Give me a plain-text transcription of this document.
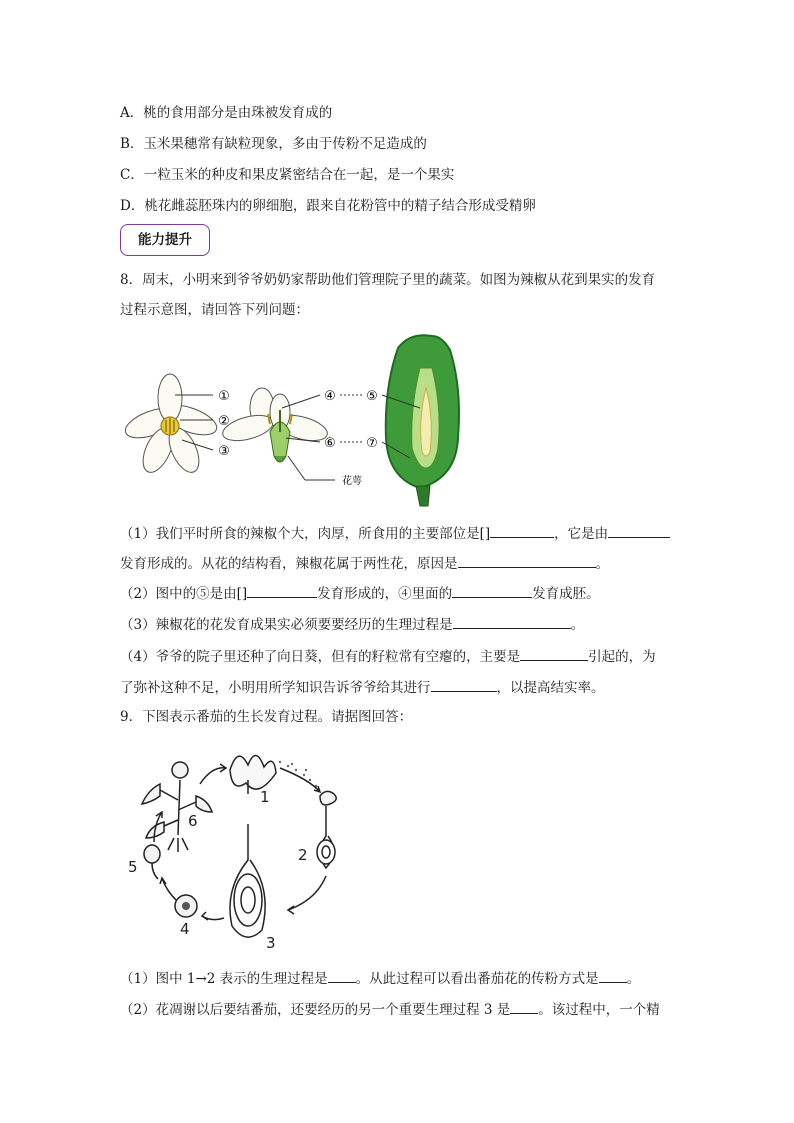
A．桃的食用部分是由珠被发育成的
B．玉米果穗常有缺粒现象，多由于传粉不足造成的
C．一粒玉米的种皮和果皮紧密结合在一起，是一个果实
D．桃花雌蕊胚珠内的卵细胞，跟来自花粉管中的精子结合形成受精卵
能力提升
8．周末，小明来到爷爷奶奶家帮助他们管理院子里的蔬菜。如图为辣椒从花到果实的发育
过程示意图，请回答下列问题：
①
②
③
④ ⑤
⑥ ⑦
花萼
（1）我们平时所食的辣椒个大，肉厚，所食用的主要部位是[]	，它是由
发育形成的。从花的结构看，辣椒花属于两性花，原因是	。
（2）图中的⑤是由[]	发育形成的，④里面的	发育成胚。
（3）辣椒花的花发育成果实必须要要经历的生理过程是	。
（4）爷爷的院子里还种了向日葵，但有的籽粒常有空瘪的，主要是	引起的，为
了弥补这种不足，小明用所学知识告诉爷爷给其进行	，以提高结实率。
9．下图表示番茄的生长发育过程。请据图回答：
1
2
3
4
5
6
（1）图中 1→2 表示的生理过程是 。从此过程可以看出番茄花的传粉方式是 。
（2）花凋谢以后要结番茄，还要经历的另一个重要生理过程 3 是 。该过程中，一个精
